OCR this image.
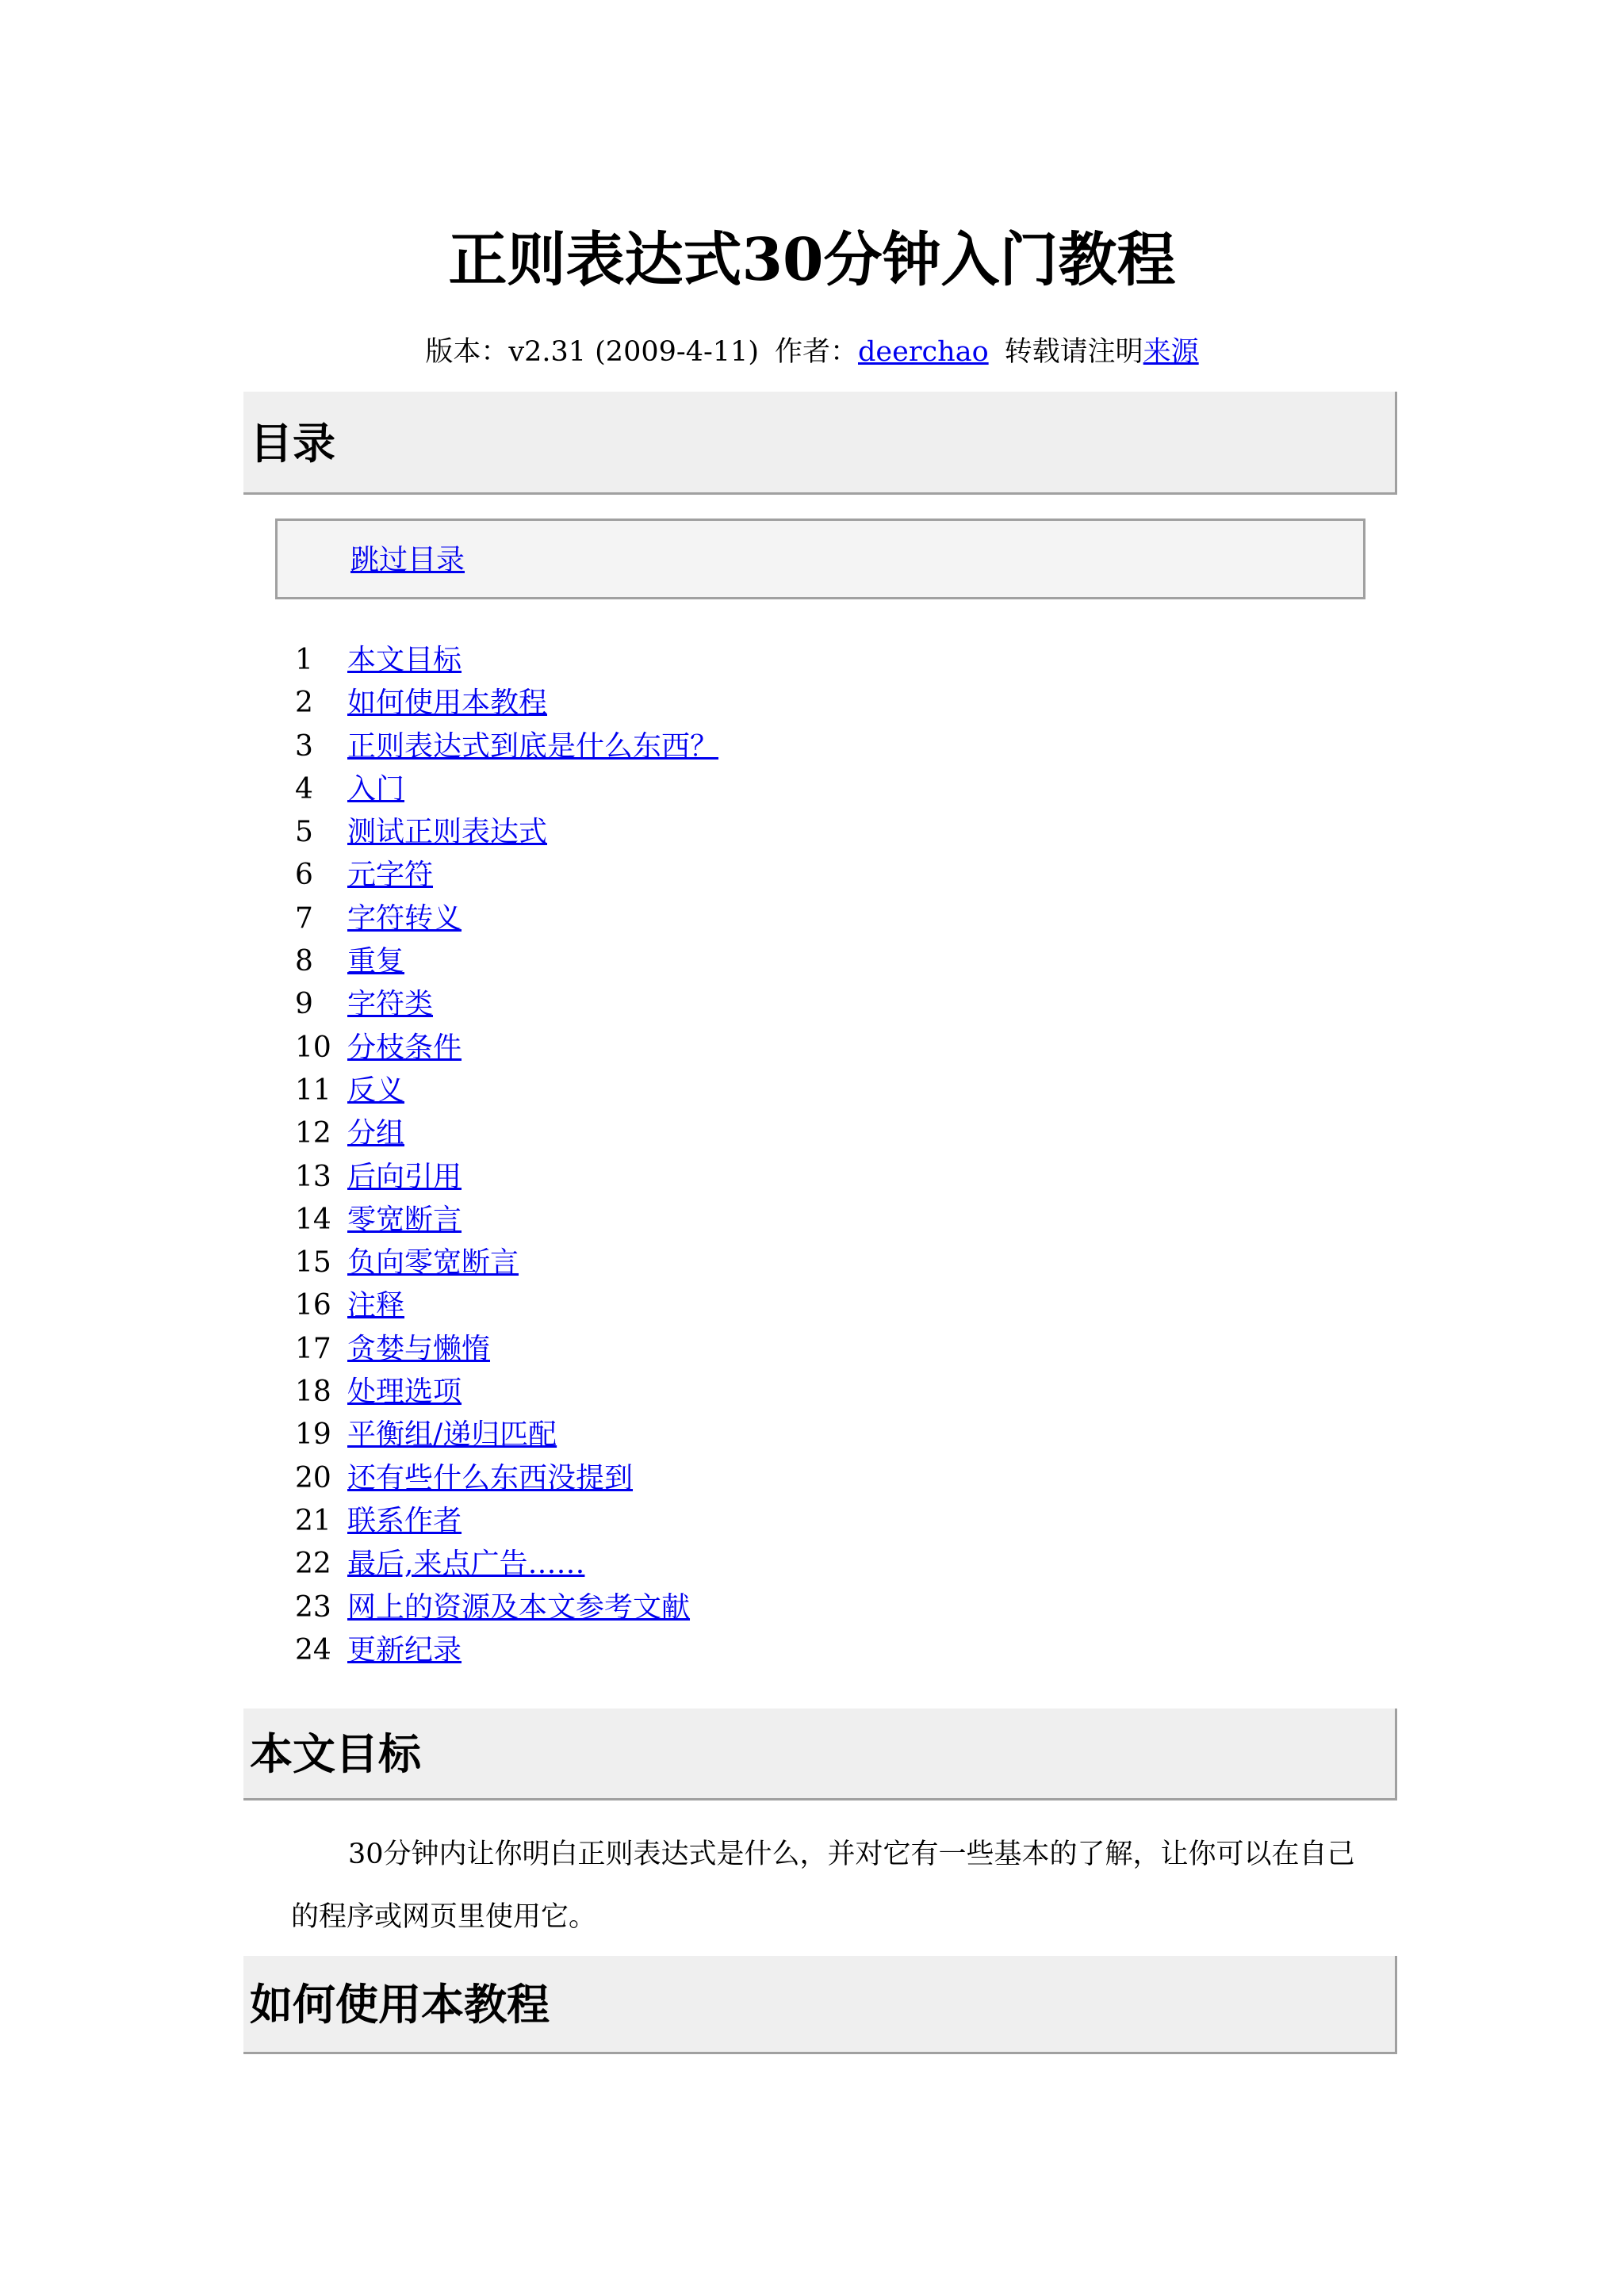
正则表达式30分钟入门教程
版本：v2.31 (2009-4-11) 作者：deerchao 转载请注明来源
目录
跳过目录
1 本文目标
2 如何使用本教程
3 正则表达式到底是什么东西？
4 入门
5 测试正则表达式
6 元字符
7 字符转义
8 重复
9 字符类
10 分枝条件
11 反义
12 分组
13 后向引用
14 零宽断言
15 负向零宽断言
16 注释
17 贪婪与懒惰
18 处理选项
19 平衡组/递归匹配
20 还有些什么东西没提到
21 联系作者
22 最后,来点广告……
23 网上的资源及本文参考文献
24 更新纪录
本文目标

30分钟内让你明白正则表达式是什么，并对它有一些基本的了解，让你可以在自己的程序或网页里使用它。

如何使用本教程
